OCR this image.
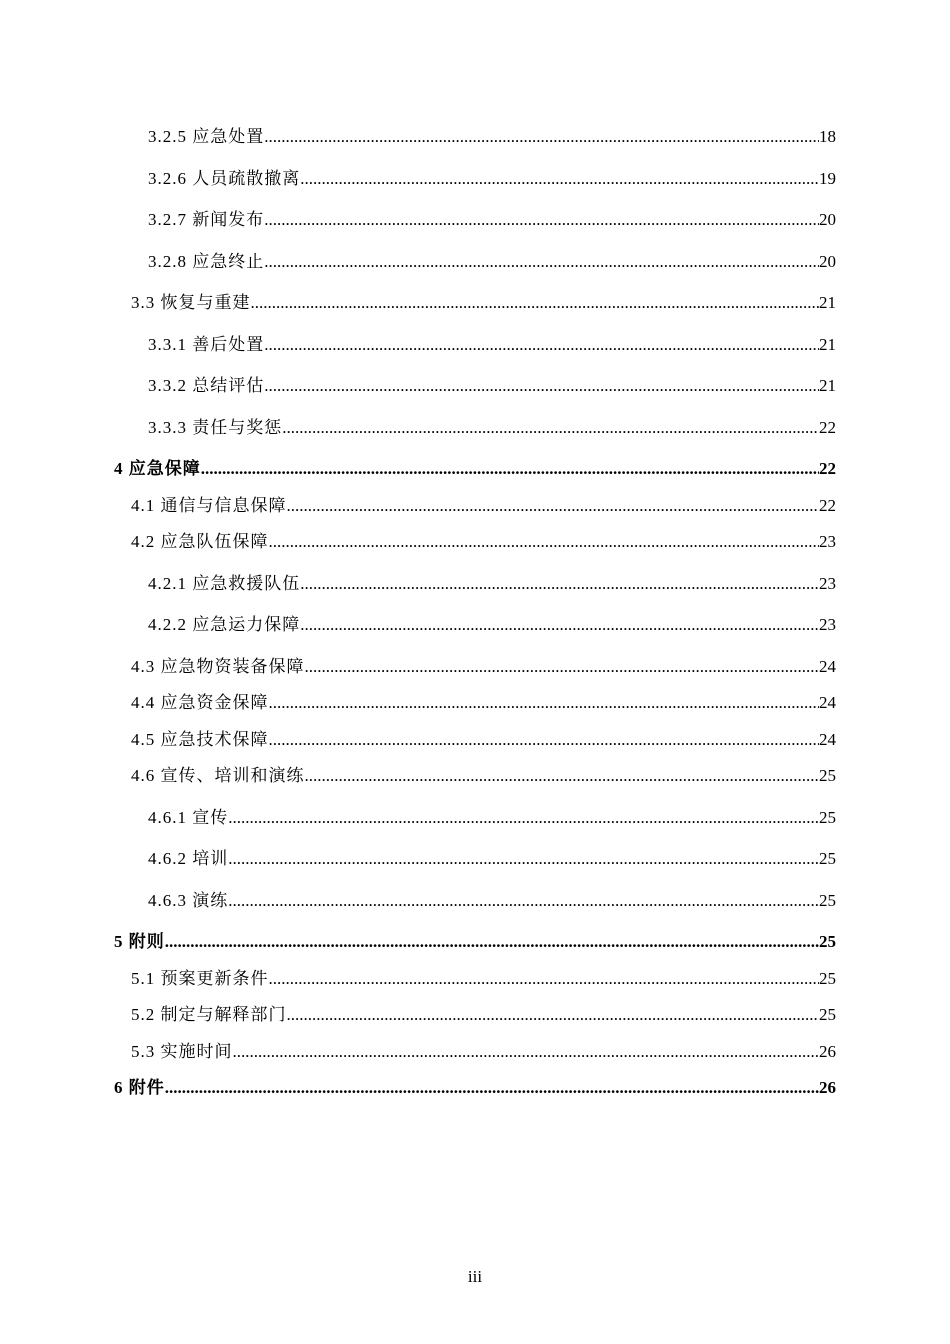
3.2.5 应急处置 .....	18
3.2.6 人员疏散撤离 .....	19
3.2.7 新闻发布 .....	20
3.2.8 应急终止 .....	20
3.3 恢复与重建 .....	21
3.3.1 善后处置 .....	21
3.3.2 总结评估 .....	21
3.3.3 责任与奖惩 .....	22
4 应急保障 .....	22
4.1 通信与信息保障 .....	22
4.2 应急队伍保障 .....	23
4.2.1 应急救援队伍 .....	23
4.2.2 应急运力保障 .....	23
4.3 应急物资装备保障 .....	24
4.4 应急资金保障 .....	24
4.5 应急技术保障 .....	24
4.6 宣传、培训和演练 .....	25
4.6.1 宣传 .....	25
4.6.2 培训 .....	25
4.6.3 演练 .....	25
5 附则 .....	25
5.1 预案更新条件 .....	25
5.2 制定与解释部门 .....	25
5.3 实施时间 .....	26
6 附件 .....	26
iii
